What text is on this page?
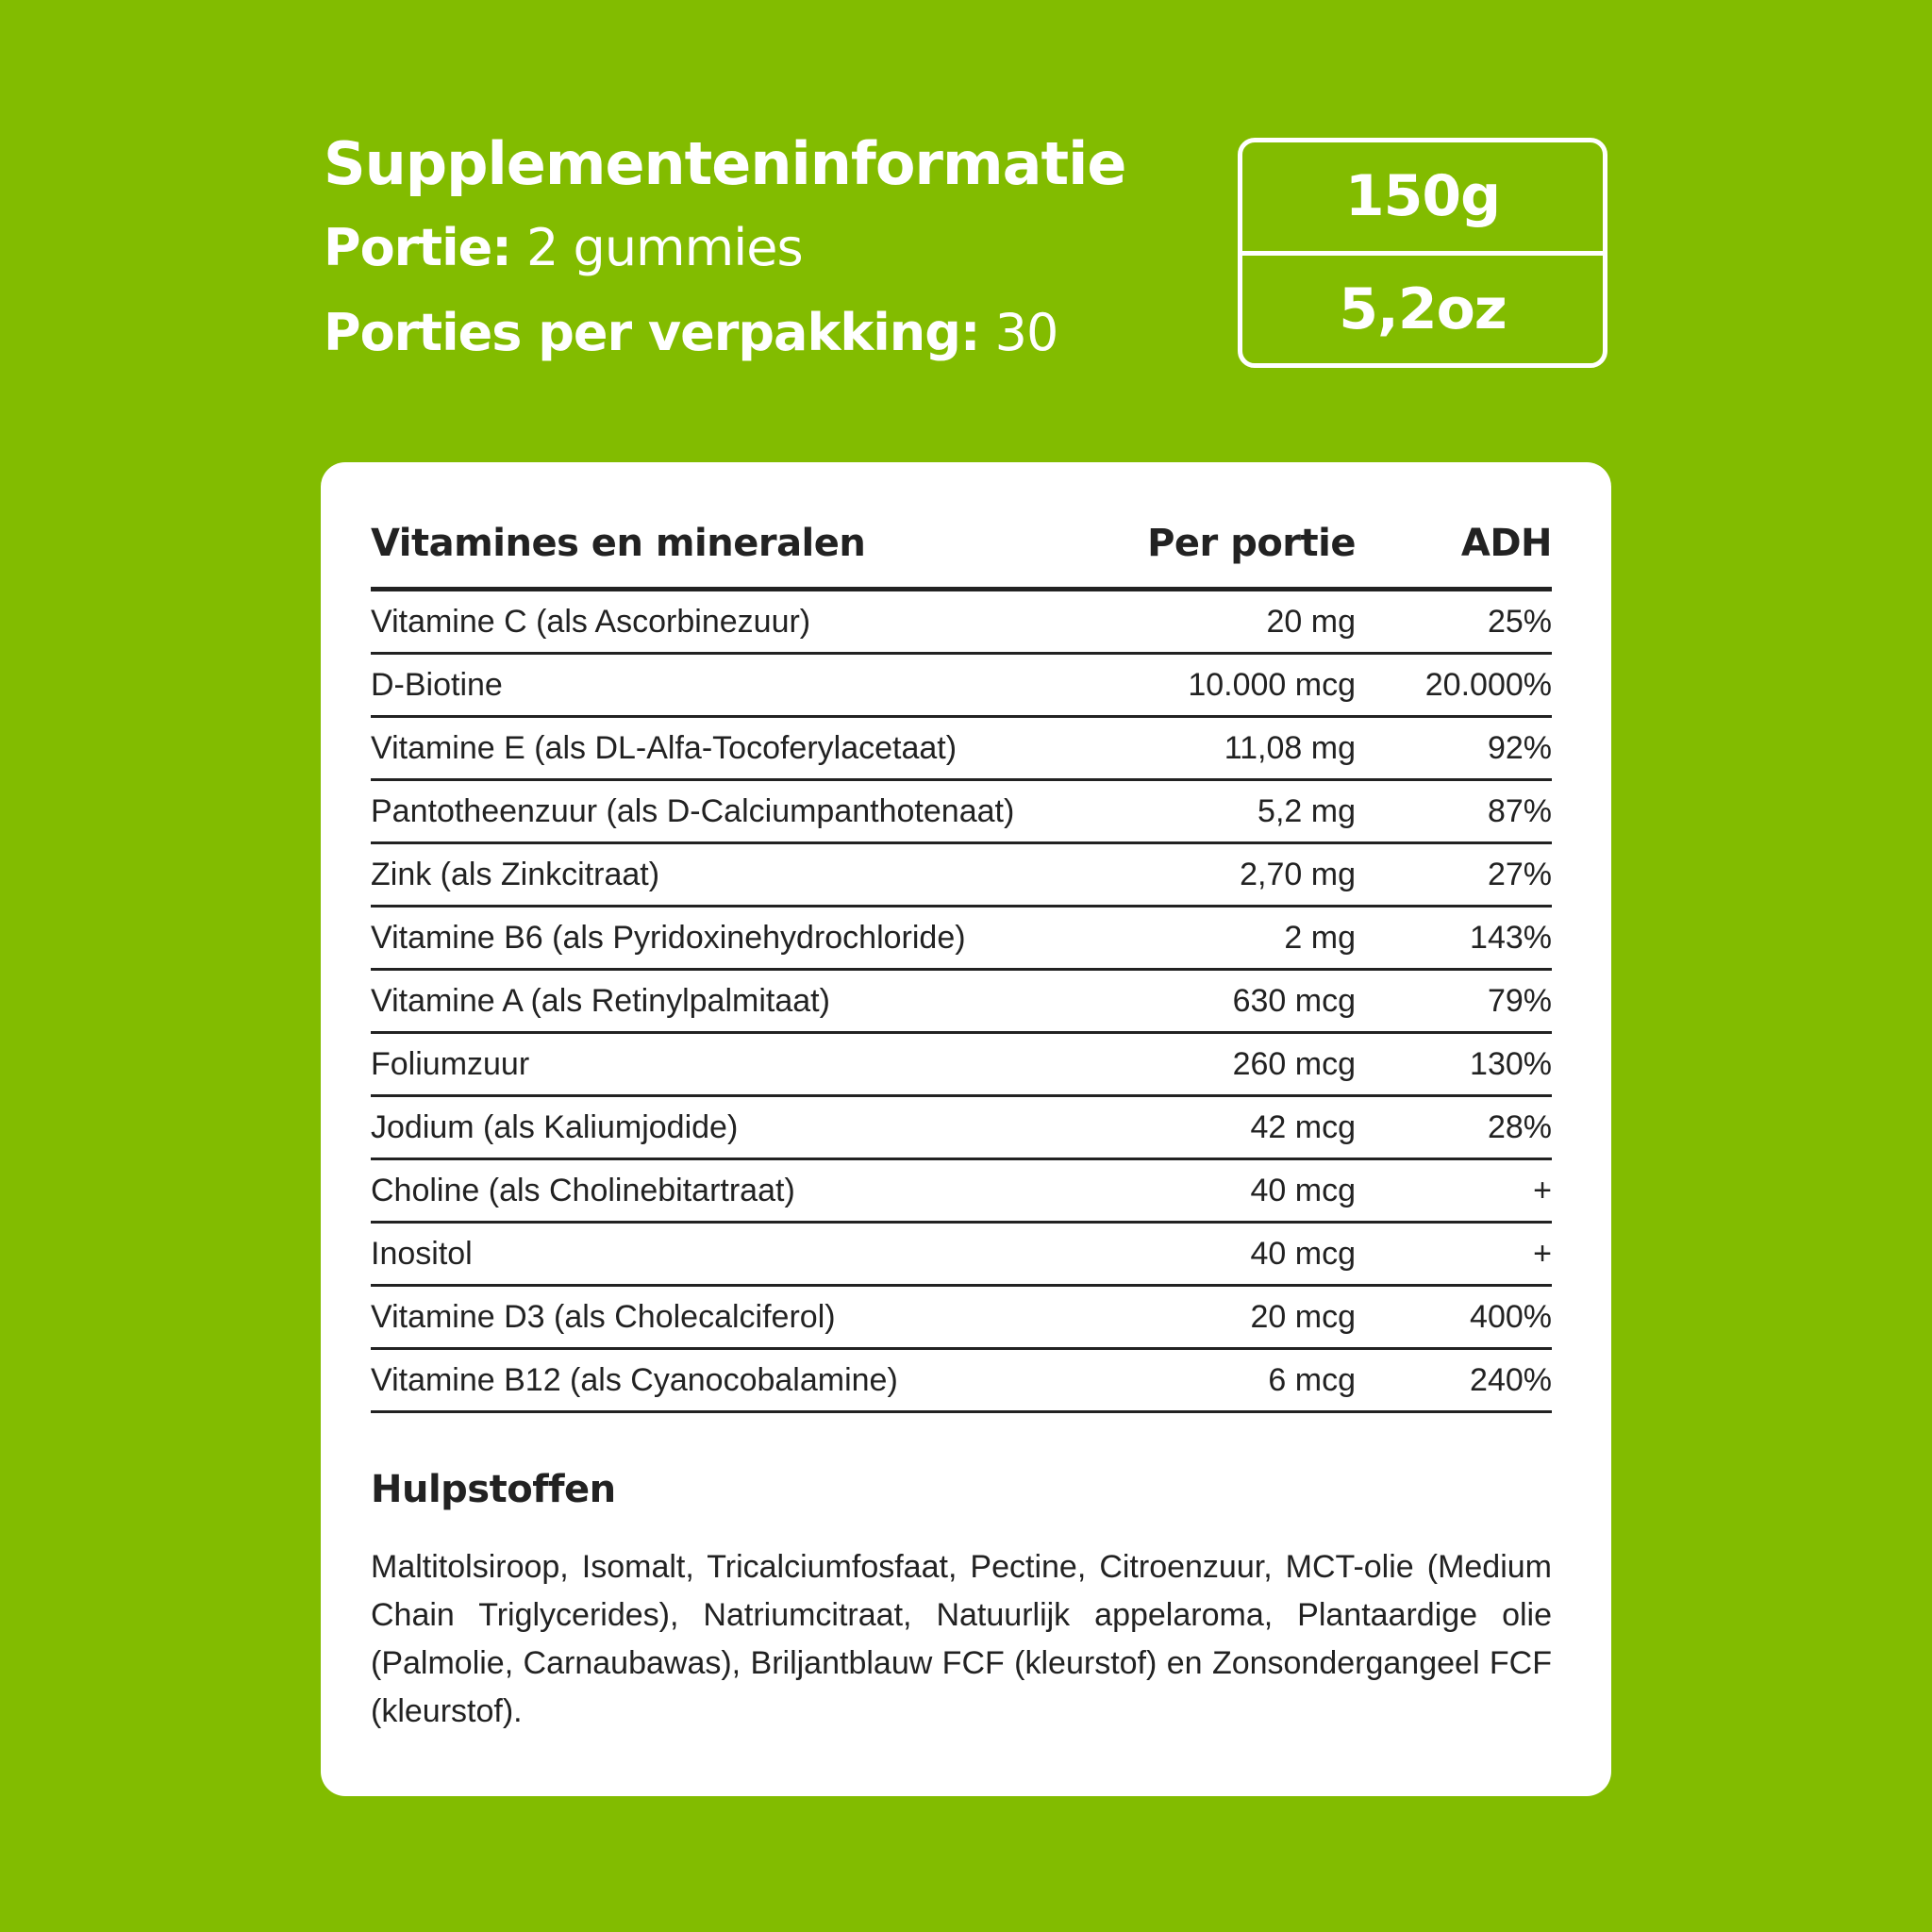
Supplementeninformatie
Portie: 2 gummies
Porties per verpakking: 30
150g
5,2oz
Vitamines en mineralen	Per portie	ADH
Vitamine C (als Ascorbinezuur)	20 mg	25%
D-Biotine	10.000 mcg	20.000%
Vitamine E (als DL-Alfa-Tocoferylacetaat)	11,08 mg	92%
Pantotheenzuur (als D-Calciumpanthotenaat)	5,2 mg	87%
Zink (als Zinkcitraat)	2,70 mg	27%
Vitamine B6 (als Pyridoxinehydrochloride)	2 mg	143%
Vitamine A (als Retinylpalmitaat)	630 mcg	79%
Foliumzuur	260 mcg	130%
Jodium (als Kaliumjodide)	42 mcg	28%
Choline (als Cholinebitartraat)	40 mcg	+
Inositol	40 mcg	+
Vitamine D3 (als Cholecalciferol)	20 mcg	400%
Vitamine B12 (als Cyanocobalamine)	6 mcg	240%
Hulpstoffen
Maltitolsiroop, Isomalt, Tricalciumfosfaat, Pectine, Citroenzuur, MCT-olie (Medium Chain Triglycerides), Natriumcitraat, Natuurlijk appelaroma, Plantaardige olie (Palmolie, Carnaubawas), Briljantblauw FCF (kleurstof) en Zonsondergangeel FCF (kleurstof).
